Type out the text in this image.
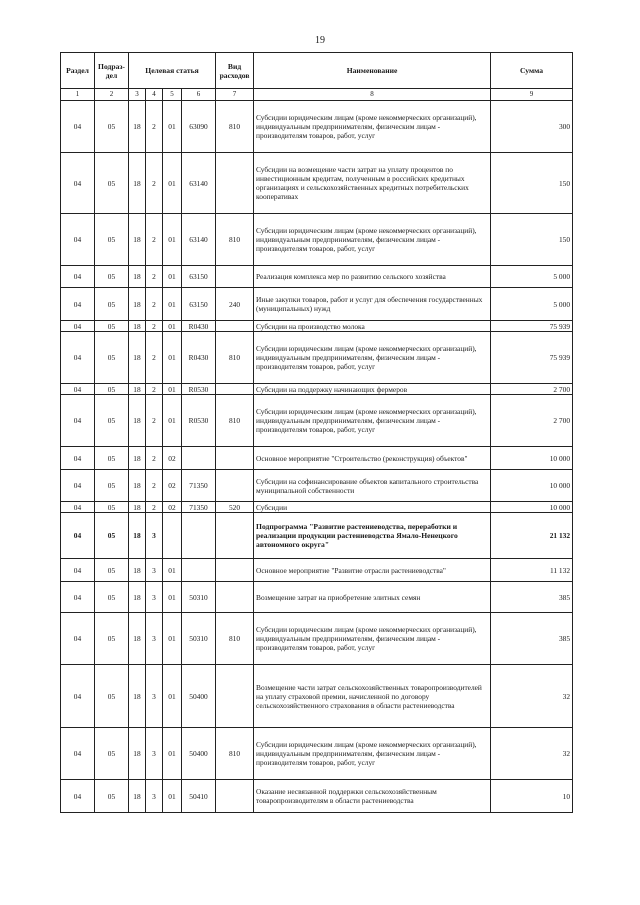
19
Раздел	Подраз-дел	Целевая статья				Вид расходов	Наименование	Сумма
1	2	3	4	5	6	7	8	9
04	05	18	2	01	63090	810	Субсидии юридическим лицам (кроме некоммерческих организаций), индивидуальным предпринимателям, физическим лицам - производителям товаров, работ, услуг	300
04	05	18	2	01	63140		Субсидии на возмещение части затрат на уплату процентов по инвестиционным кредитам, полученным в российских кредитных организациях и сельскохозяйственных кредитных потребительских кооперативах	150
04	05	18	2	01	63140	810	Субсидии юридическим лицам (кроме некоммерческих организаций), индивидуальным предпринимателям, физическим лицам - производителям товаров, работ, услуг	150
04	05	18	2	01	63150		Реализация комплекса мер по развитию сельского хозяйства	5 000
04	05	18	2	01	63150	240	Иные закупки товаров, работ и услуг для обеспечения государственных (муниципальных) нужд	5 000
04	05	18	2	01	R0430		Субсидии на производство молока	75 939
04	05	18	2	01	R0430	810	Субсидии юридическим лицам (кроме некоммерческих организаций), индивидуальным предпринимателям, физическим лицам - производителям товаров, работ, услуг	75 939
04	05	18	2	01	R0530		Субсидии на поддержку начинающих фермеров	2 700
04	05	18	2	01	R0530	810	Субсидии юридическим лицам (кроме некоммерческих организаций), индивидуальным предпринимателям, физическим лицам - производителям товаров, работ, услуг	2 700
04	05	18	2	02			Основное мероприятие "Строительство (реконструкция) объектов"	10 000
04	05	18	2	02	71350		Субсидии на софинансирование объектов капитального строительства муниципальной собственности	10 000
04	05	18	2	02	71350	520	Субсидии	10 000
04	05	18	3				Подпрограмма "Развитие растениеводства, переработки и реализации продукции растениеводства Ямало-Ненецкого автономного округа"	21 132
04	05	18	3	01			Основное мероприятие "Развитие отрасли растениеводства"	11 132
04	05	18	3	01	50310		Возмещение затрат на приобретение элитных семян	385
04	05	18	3	01	50310	810	Субсидии юридическим лицам (кроме некоммерческих организаций), индивидуальным предпринимателям, физическим лицам - производителям товаров, работ, услуг	385
04	05	18	3	01	50400		Возмещение части затрат сельскохозяйственных товаропроизводителей на уплату страховой премии, начисленной по договору сельскохозяйственного страхования в области растениеводства	32
04	05	18	3	01	50400	810	Субсидии юридическим лицам (кроме некоммерческих организаций), индивидуальным предпринимателям, физическим лицам - производителям товаров, работ, услуг	32
04	05	18	3	01	50410		Оказание несвязанной поддержки сельскохозяйственным товаропроизводителям в области растениеводства	10
